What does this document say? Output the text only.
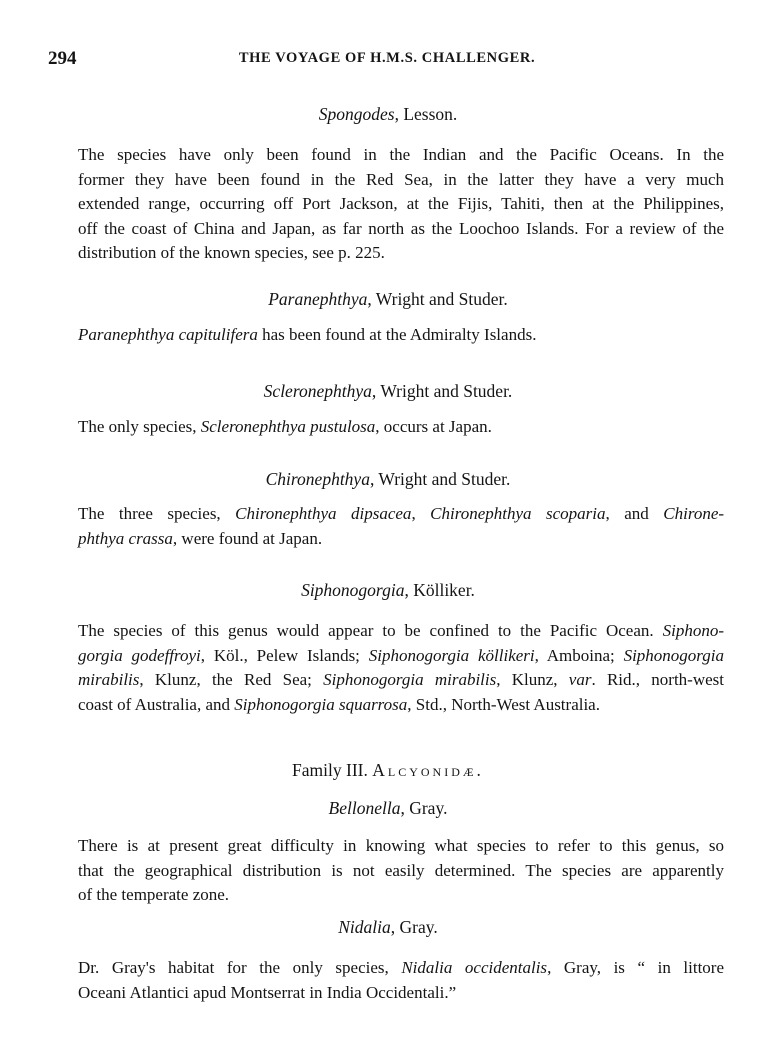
294	THE VOYAGE OF H.M.S. CHALLENGER.
Spongodes, Lesson.
The species have only been found in the Indian and the Pacific Oceans. In the
former they have been found in the Red Sea, in the latter they have a very much
extended range, occurring off Port Jackson, at the Fijis, Tahiti, then at the Philippines,
off the coast of China and Japan, as far north as the Loochoo Islands. For a review of the
distribution of the known species, see p. 225.
Paranephthya, Wright and Studer.
Paranephthya capitulifera has been found at the Admiralty Islands.
Scleronephthya, Wright and Studer.
The only species, Scleronephthya pustulosa, occurs at Japan.
Chironephthya, Wright and Studer.
The three species, Chironephthya dipsacea, Chironephthya scoparia, and Chirone-
phthya crassa, were found at Japan.
Siphonogorgia, Kölliker.
The species of this genus would appear to be confined to the Pacific Ocean. Siphono-
gorgia godeffroyi, Köl., Pelew Islands; Siphonogorgia köllikeri, Amboina; Siphonogorgia
mirabilis, Klunz, the Red Sea; Siphonogorgia mirabilis, Klunz, var. Rid., north-west
coast of Australia, and Siphonogorgia squarrosa, Std., North-West Australia.
Family III. Alcyonidæ.
Bellonella, Gray.
There is at present great difficulty in knowing what species to refer to this genus, so
that the geographical distribution is not easily determined. The species are apparently
of the temperate zone.
Nidalia, Gray.
Dr. Gray's habitat for the only species, Nidalia occidentalis, Gray, is “ in littore
Oceani Atlantici apud Montserrat in India Occidentali.”
